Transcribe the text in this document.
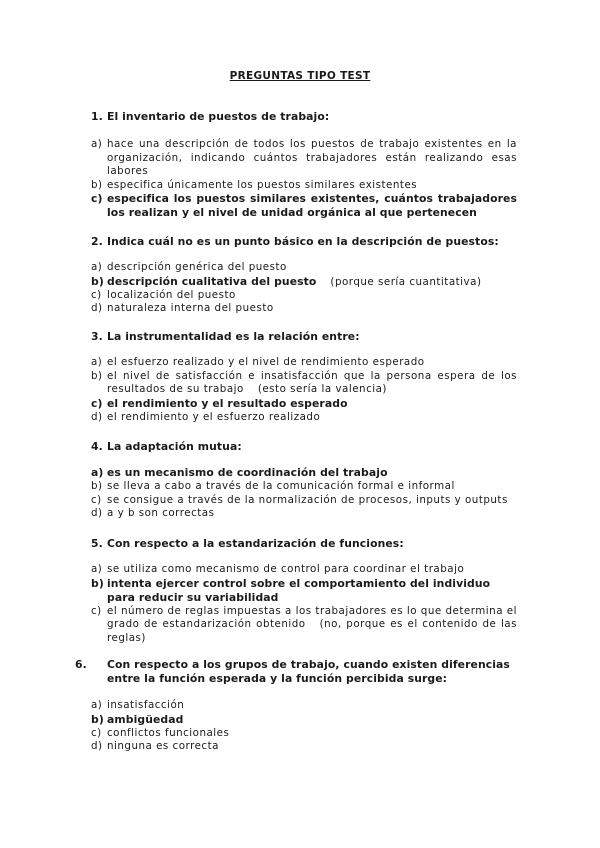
PREGUNTAS TIPO TEST
1. El inventario de puestos de trabajo:
a) hace una descripción de todos los puestos de trabajo existentes en la organización, indicando cuántos trabajadores están realizando esas labores
b) especifica únicamente los puestos similares existentes
c) especifica los puestos similares existentes, cuántos trabajadores los realizan y el nivel de unidad orgánica al que pertenecen
2. Indica cuál no es un punto básico en la descripción de puestos:
a) descripción genérica del puesto
b) descripción cualitativa del puesto (porque sería cuantitativa)
c) localización del puesto
d) naturaleza interna del puesto
3. La instrumentalidad es la relación entre:
a) el esfuerzo realizado y el nivel de rendimiento esperado
b) el nivel de satisfacción e insatisfacción que la persona espera de los resultados de su trabajo (esto sería la valencia)
c) el rendimiento y el resultado esperado
d) el rendimiento y el esfuerzo realizado
4. La adaptación mutua:
a) es un mecanismo de coordinación del trabajo
b) se lleva a cabo a través de la comunicación formal e informal
c) se consigue a través de la normalización de procesos, inputs y outputs
d) a y b son correctas
5. Con respecto a la estandarización de funciones:
a) se utiliza como mecanismo de control para coordinar el trabajo
b) intenta ejercer control sobre el comportamiento del individuo para reducir su variabilidad
c) el número de reglas impuestas a los trabajadores es lo que determina el grado de estandarización obtenido (no, porque es el contenido de las reglas)
6. Con respecto a los grupos de trabajo, cuando existen diferencias entre la función esperada y la función percibida surge:
a) insatisfacción
b) ambigüedad
c) conflictos funcionales
d) ninguna es correcta
